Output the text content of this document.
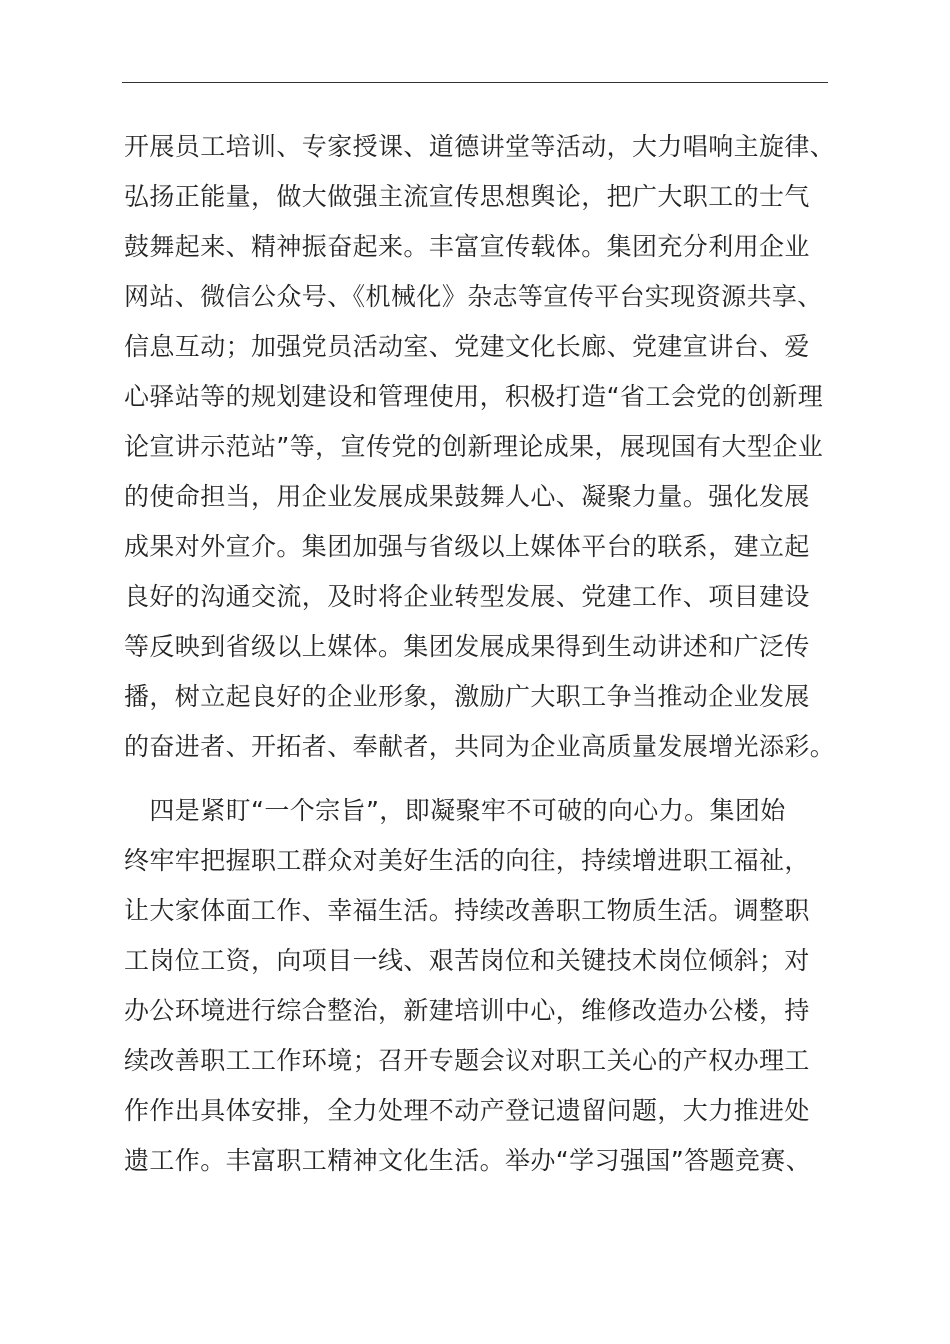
开展员工培训、专家授课、道德讲堂等活动，大力唱响主旋律、
弘扬正能量，做大做强主流宣传思想舆论，把广大职工的士气
鼓舞起来、精神振奋起来。丰富宣传载体。集团充分利用企业
网站、微信公众号、《机械化》杂志等宣传平台实现资源共享、
信息互动；加强党员活动室、党建文化长廊、党建宣讲台、爱
心驿站等的规划建设和管理使用，积极打造“省工会党的创新理
论宣讲示范站”等，宣传党的创新理论成果，展现国有大型企业
的使命担当，用企业发展成果鼓舞人心、凝聚力量。强化发展
成果对外宣介。集团加强与省级以上媒体平台的联系，建立起
良好的沟通交流，及时将企业转型发展、党建工作、项目建设
等反映到省级以上媒体。集团发展成果得到生动讲述和广泛传
播，树立起良好的企业形象，激励广大职工争当推动企业发展
的奋进者、开拓者、奉献者，共同为企业高质量发展增光添彩。
　四是紧盯“一个宗旨”，即凝聚牢不可破的向心力。集团始
终牢牢把握职工群众对美好生活的向往，持续增进职工福祉，
让大家体面工作、幸福生活。持续改善职工物质生活。调整职
工岗位工资，向项目一线、艰苦岗位和关键技术岗位倾斜；对
办公环境进行综合整治，新建培训中心，维修改造办公楼，持
续改善职工工作环境；召开专题会议对职工关心的产权办理工
作作出具体安排，全力处理不动产登记遗留问题，大力推进处
遗工作。丰富职工精神文化生活。举办“学习强国”答题竞赛、
